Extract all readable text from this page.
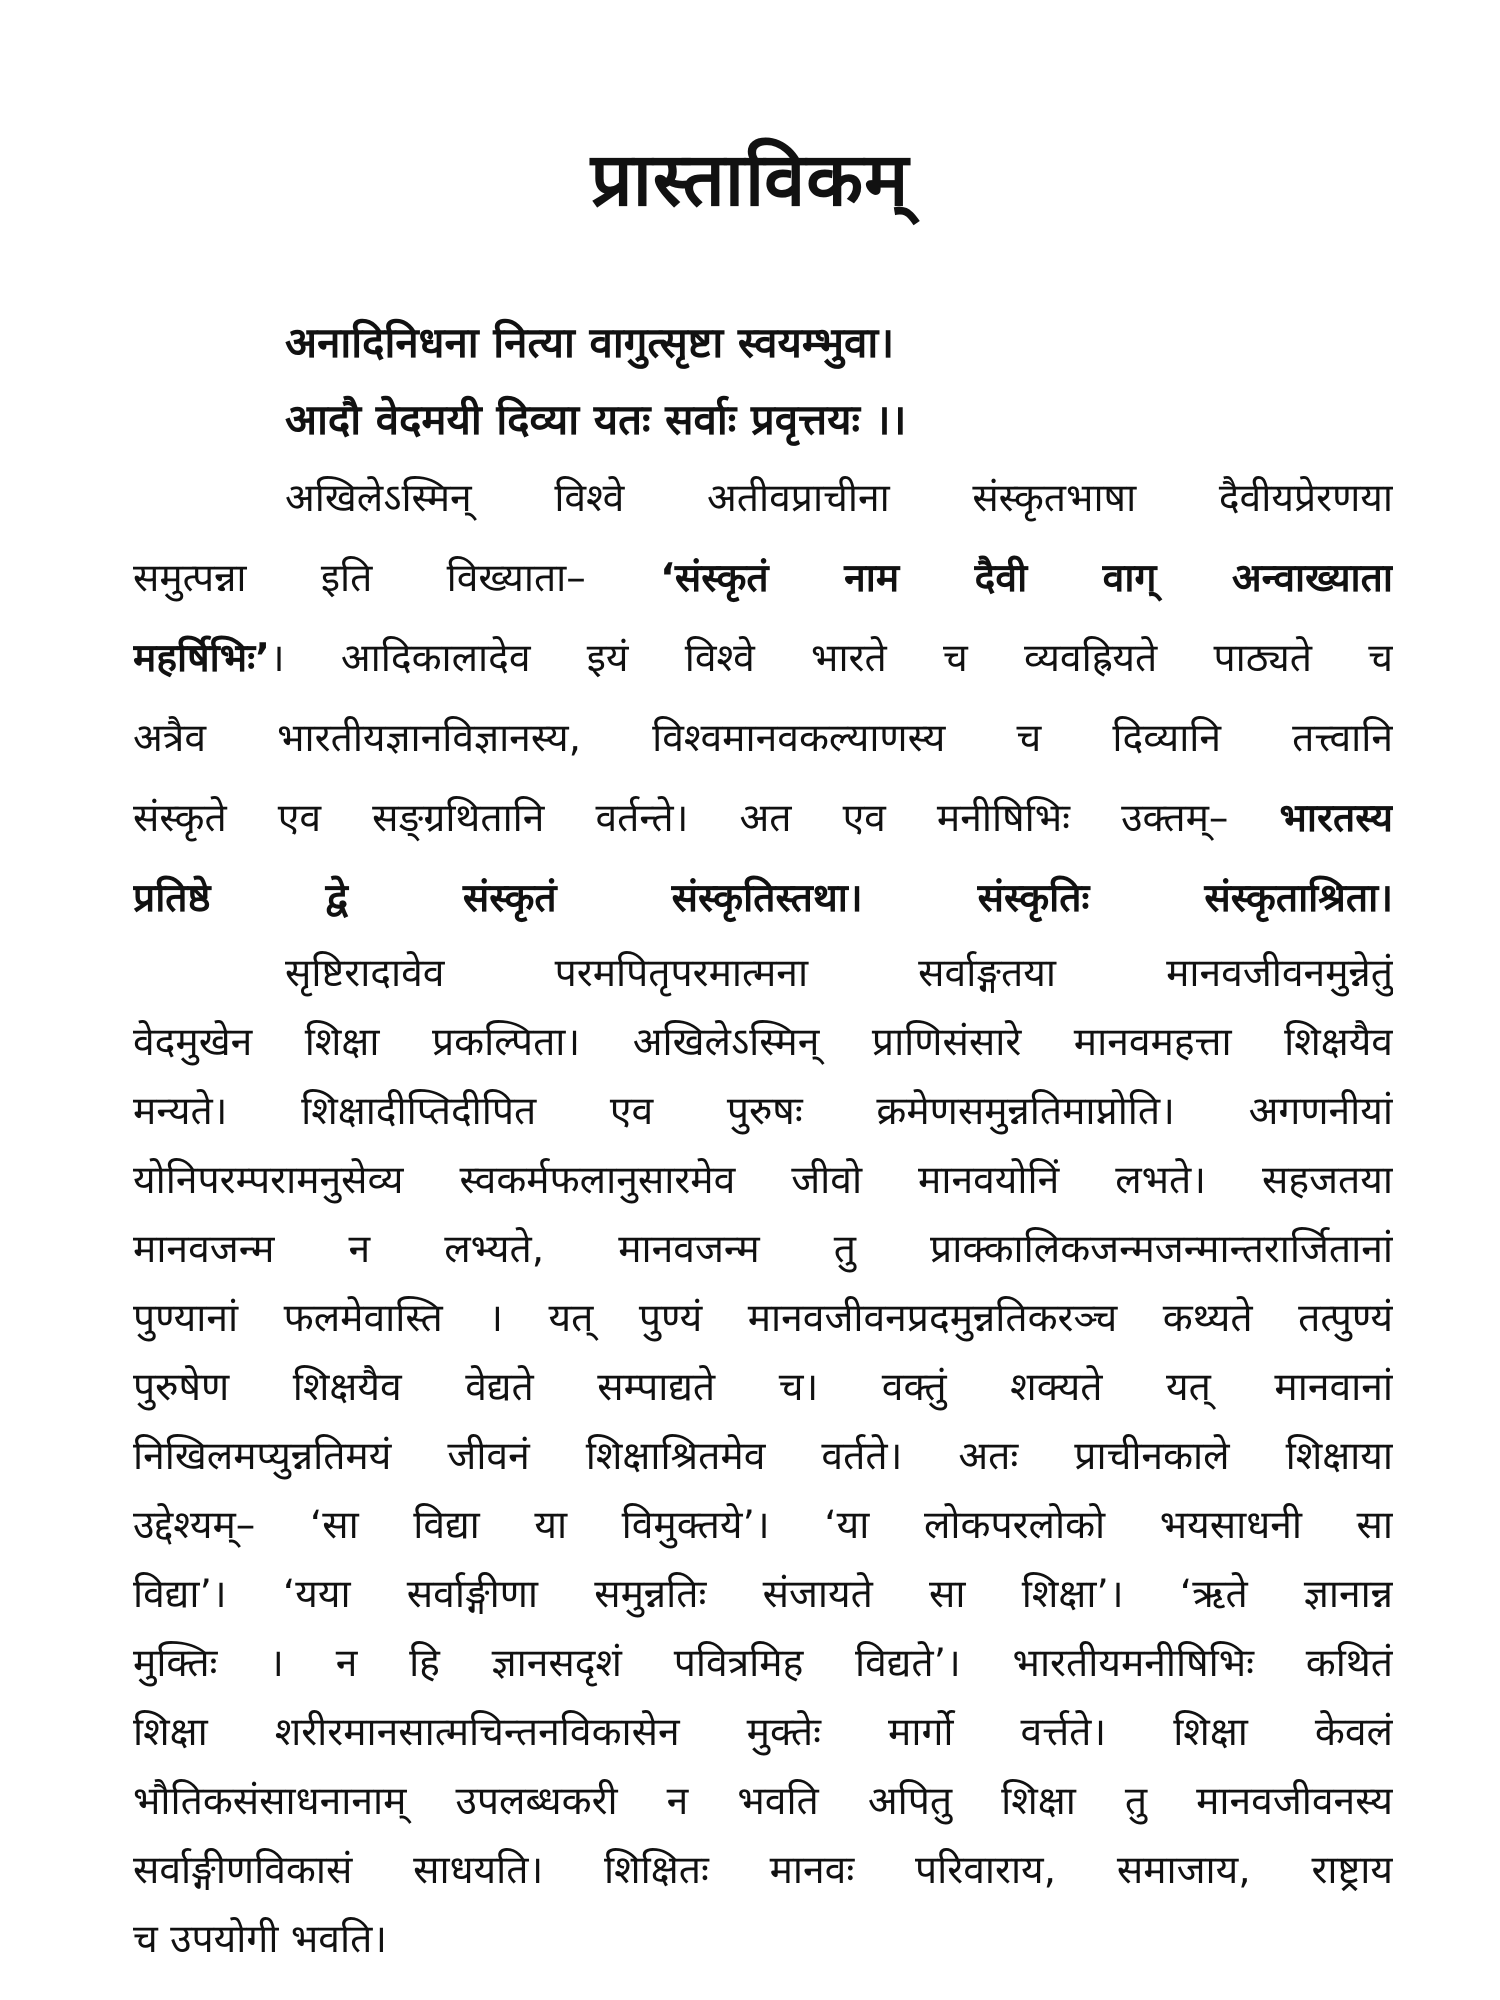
प्रास्ताविकम्
अनादिनिधना नित्या वागुत्सृष्टा स्वयम्भुवा।
आदौ वेदमयी दिव्या यतः सर्वाः प्रवृत्तयः ।।
अखिलेऽस्मिन् विश्वे अतीवप्राचीना संस्कृतभाषा दैवीयप्रेरणया
समुत्पन्ना इति विख्याता– ‘संस्कृतं नाम दैवी वाग् अन्वाख्याता
महर्षिभिः’। आदिकालादेव इयं विश्वे भारते च व्यवह्रियते पाठ्यते च
अत्रैव भारतीयज्ञानविज्ञानस्य, विश्वमानवकल्याणस्य च दिव्यानि तत्त्वानि
संस्कृते एव सङ्ग्रथितानि वर्तन्ते। अत एव मनीषिभिः उक्तम्– भारतस्य
प्रतिष्ठे द्वे संस्कृतं संस्कृतिस्तथा। संस्कृतिः संस्कृताश्रिता।
सृष्टिरादावेव परमपितृपरमात्मना सर्वाङ्गतया मानवजीवनमुन्नेतुं
वेदमुखेन शिक्षा प्रकल्पिता। अखिलेऽस्मिन् प्राणिसंसारे मानवमहत्ता शिक्षयैव
मन्यते। शिक्षादीप्तिदीपित एव पुरुषः क्रमेणसमुन्नतिमाप्नोति। अगणनीयां
योनिपरम्परामनुसेव्य स्वकर्मफलानुसारमेव जीवो मानवयोनिं लभते। सहजतया
मानवजन्म न लभ्यते, मानवजन्म तु प्राक्कालिकजन्मजन्मान्तरार्जितानां
पुण्यानां फलमेवास्ति । यत् पुण्यं मानवजीवनप्रदमुन्नतिकरञ्च कथ्यते तत्पुण्यं
पुरुषेण शिक्षयैव वेद्यते सम्पाद्यते च। वक्तुं शक्यते यत् मानवानां
निखिलमप्युन्नतिमयं जीवनं शिक्षाश्रितमेव वर्तते। अतः प्राचीनकाले शिक्षाया
उद्देश्यम्– ‘सा विद्या या विमुक्तये’। ‘या लोकपरलोको भयसाधनी सा
विद्या’। ‘यया सर्वाङ्गीणा समुन्नतिः संजायते सा शिक्षा’। ‘ऋते ज्ञानान्न
मुक्तिः । न हि ज्ञानसदृशं पवित्रमिह विद्यते’। भारतीयमनीषिभिः कथितं
शिक्षा शरीरमानसात्मचिन्तनविकासेन मुक्तेः मार्गो वर्त्तते। शिक्षा केवलं
भौतिकसंसाधनानाम् उपलब्धकरी न भवति अपितु शिक्षा तु मानवजीवनस्य
सर्वाङ्गीणविकासं साधयति। शिक्षितः मानवः परिवाराय, समाजाय, राष्ट्राय
च उपयोगी भवति।
